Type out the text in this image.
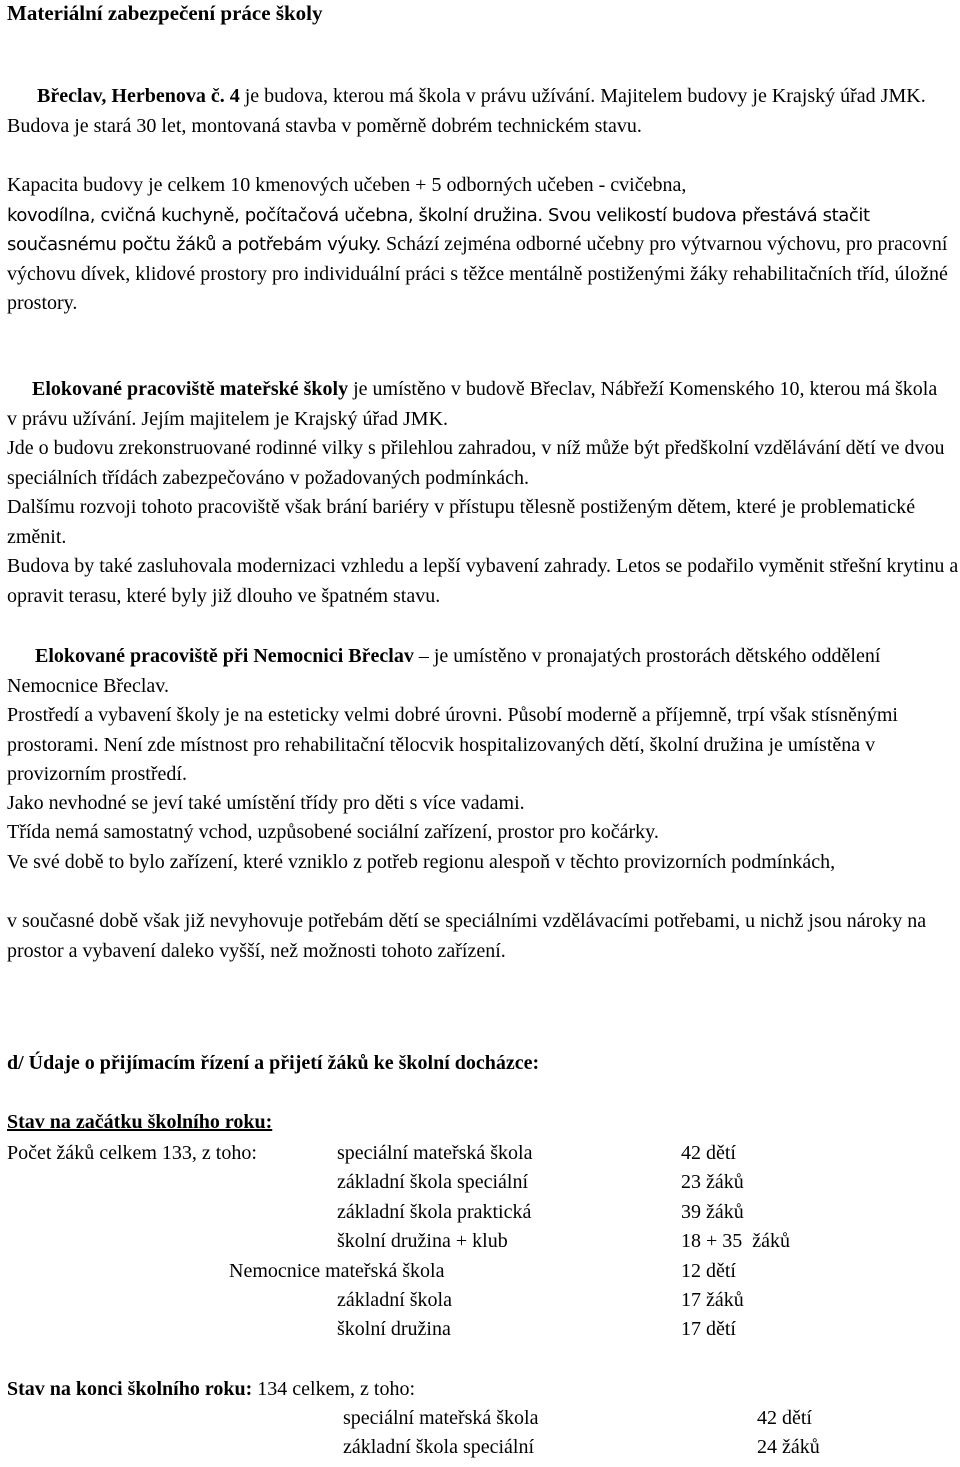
Materiální zabezpečení práce školy

Břeclav, Herbenova č. 4 je budova, kterou má škola v právu užívání. Majitelem budovy je Krajský úřad JMK. Budova je stará 30 let, montovaná stavba v poměrně dobrém technickém stavu.

Kapacita budovy je celkem 10 kmenových učeben + 5 odborných učeben - cvičebna,
kovodílna, cvičná kuchyně, počítačová učebna, školní družina. Svou velikostí budova přestává stačit současnému počtu žáků a potřebám výuky. Schází zejména odborné učebny pro výtvarnou výchovu, pro pracovní výchovu dívek, klidové prostory pro individuální práci s těžce mentálně postiženými žáky rehabilitačních tříd, úložné prostory.

Elokované pracoviště mateřské školy je umístěno v budově Břeclav, Nábřeží Komenského 10, kterou má škola v právu užívání. Jejím majitelem je Krajský úřad JMK.

Jde o budovu zrekonstruované rodinné vilky s přilehlou zahradou, v níž může být předškolní vzdělávání dětí ve dvou speciálních třídách zabezpečováno v požadovaných podmínkách.

Dalšímu rozvoji tohoto pracoviště však brání bariéry v přístupu tělesně postiženým dětem, které je problematické změnit.

Budova by také zasluhovala modernizaci vzhledu a lepší vybavení zahrady. Letos se podařilo vyměnit střešní krytinu a opravit terasu, které byly již dlouho ve špatném stavu.

Elokované pracoviště při Nemocnici Břeclav – je umístěno v pronajatých prostorách dětského oddělení Nemocnice Břeclav.

Prostředí a vybavení školy je na esteticky velmi dobré úrovni. Působí moderně a příjemně, trpí však stísněnými prostorami. Není zde místnost pro rehabilitační tělocvik hospitalizovaných dětí, školní družina je umístěna v provizorním prostředí.

Jako nevhodné se jeví také umístění třídy pro děti s více vadami.

Třída nemá samostatný vchod, uzpůsobené sociální zařízení, prostor pro kočárky.

Ve své době to bylo zařízení, které vzniklo z potřeb regionu alespoň v těchto provizorních podmínkách,

v současné době však již nevyhovuje potřebám dětí se speciálními vzdělávacími potřebami, u nichž jsou nároky na prostor a vybavení daleko vyšší, než možnosti tohoto zařízení.

d/ Údaje o přijímacím řízení a přijetí žáků ke školní docházce:
Stav na začátku školního roku:
Počet žáků celkem 133, z toho:	speciální mateřská škola	42 dětí
základní škola speciální	23 žáků
základní škola praktická	39 žáků
školní družina + klub	18 + 35  žáků
Nemocnice mateřská škola	12 dětí
základní škola	17 žáků
školní družina	17 dětí
Stav na konci školního roku: 134 celkem, z toho:
speciální mateřská škola	42 dětí
základní škola speciální	24 žáků
